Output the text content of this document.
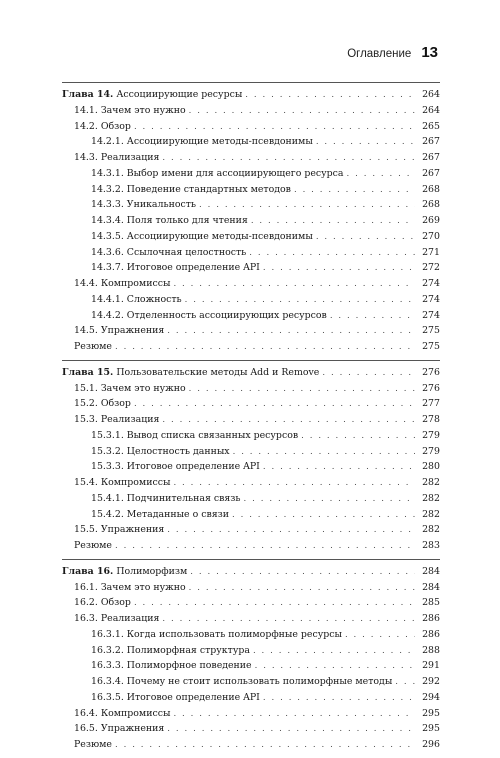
Оглавление 13
Глава 14. Ассоциирующие ресурсы . . .	264
14.1. Зачем это нужно . . .	264
14.2. Обзор . . .	265
14.2.1. Ассоциирующие методы-псевдонимы . . .	267
14.3. Реализация . . .	267
14.3.1. Выбор имени для ассоциирующего ресурса . . .	267
14.3.2. Поведение стандартных методов . . .	268
14.3.3. Уникальность . . .	268
14.3.4. Поля только для чтения . . .	269
14.3.5. Ассоциирующие методы-псевдонимы . . .	270
14.3.6. Ссылочная целостность . . .	271
14.3.7. Итоговое определение API . . .	272
14.4. Компромиссы . . .	274
14.4.1. Сложность . . .	274
14.4.2. Отделенность ассоциирующих ресурсов . . .	274
14.5. Упражнения . . .	275
Резюме . . .	275
Глава 15. Пользовательские методы Add и Remove . . .	276
15.1. Зачем это нужно . . .	276
15.2. Обзор . . .	277
15.3. Реализация . . .	278
15.3.1. Вывод списка связанных ресурсов . . .	279
15.3.2. Целостность данных . . .	279
15.3.3. Итоговое определение API . . .	280
15.4. Компромиссы . . .	282
15.4.1. Подчинительная связь . . .	282
15.4.2. Метаданные о связи . . .	282
15.5. Упражнения . . .	282
Резюме . . .	283
Глава 16. Полиморфизм . . .	284
16.1. Зачем это нужно . . .	284
16.2. Обзор . . .	285
16.3. Реализация . . .	286
16.3.1. Когда использовать полиморфные ресурсы . . .	286
16.3.2. Полиморфная структура . . .	288
16.3.3. Полиморфное поведение . . .	291
16.3.4. Почему не стоит использовать полиморфные методы . . .	292
16.3.5. Итоговое определение API . . .	294
16.4. Компромиссы . . .	295
16.5. Упражнения . . .	295
Резюме . . .	296
